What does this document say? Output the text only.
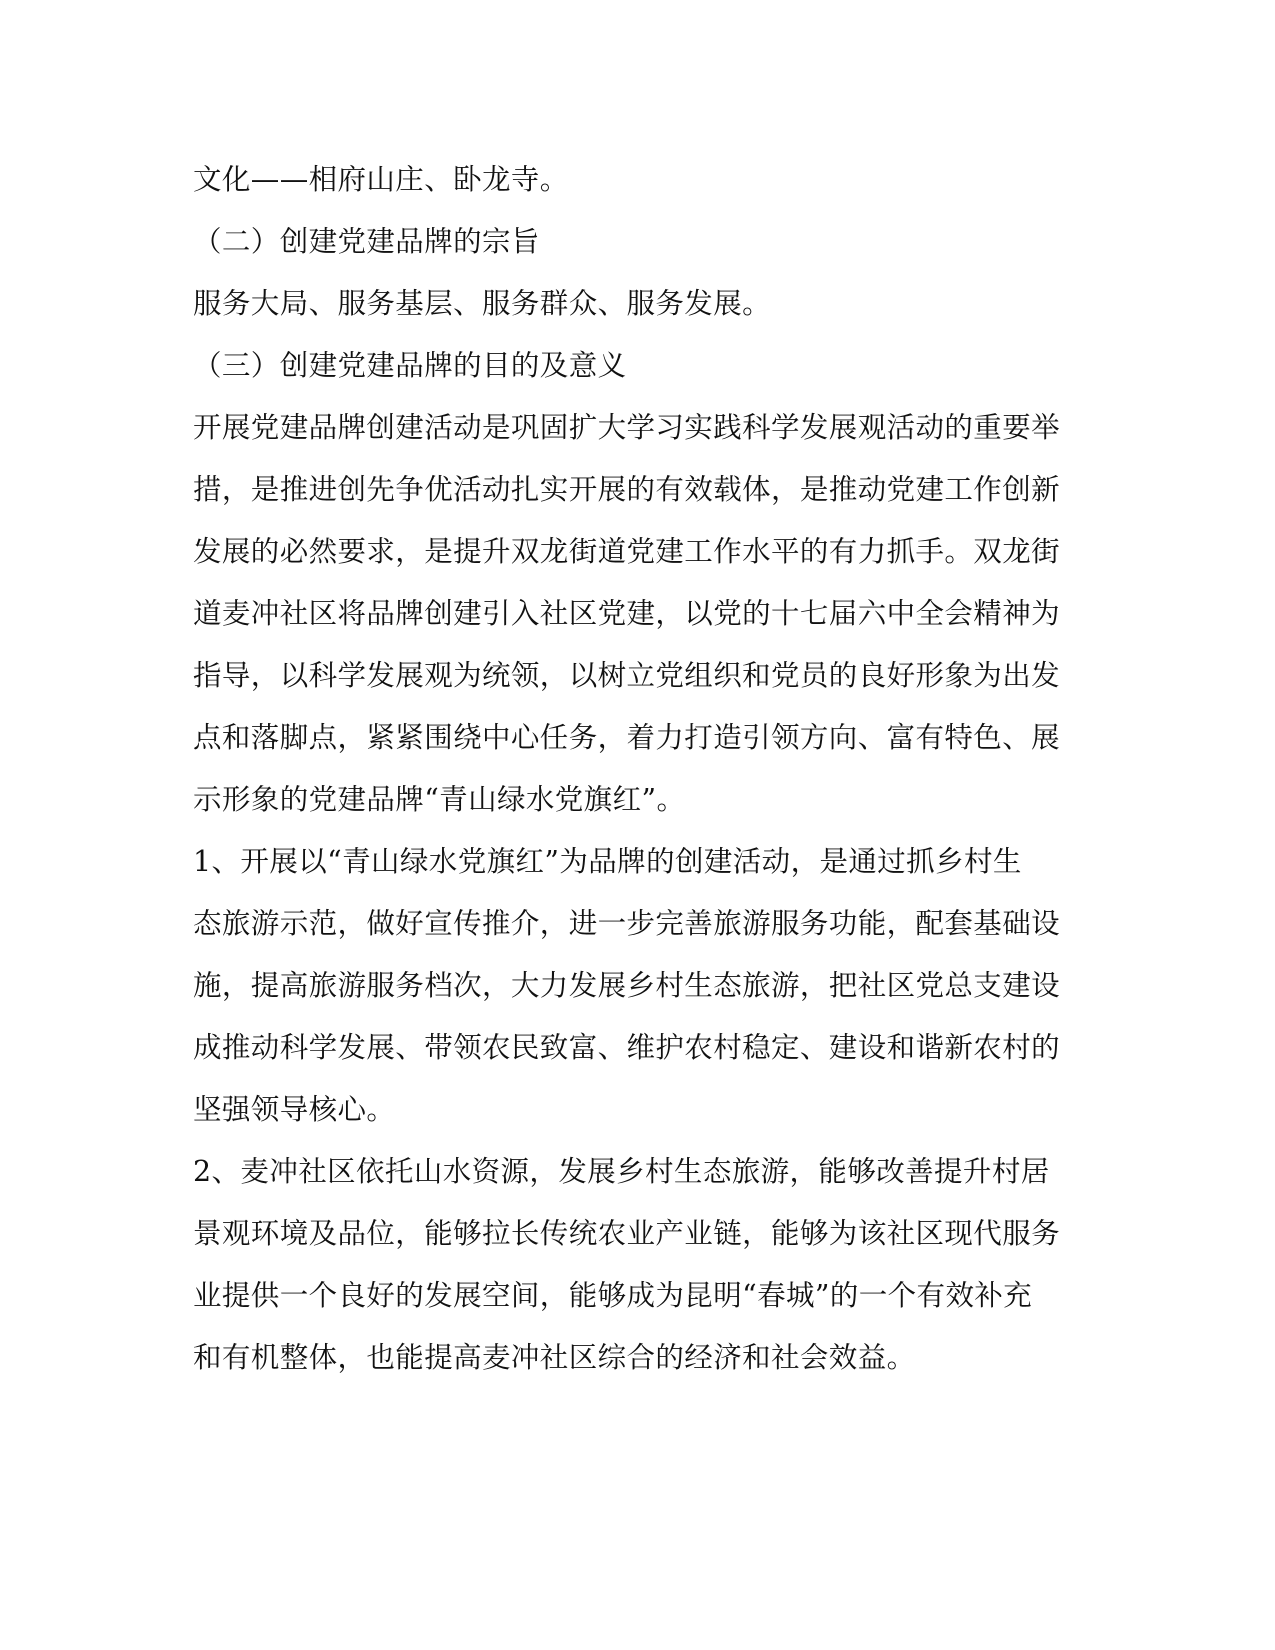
文化——相府山庄、卧龙寺。
（二）创建党建品牌的宗旨
服务大局、服务基层、服务群众、服务发展。
（三）创建党建品牌的目的及意义
开展党建品牌创建活动是巩固扩大学习实践科学发展观活动的重要举
措，是推进创先争优活动扎实开展的有效载体，是推动党建工作创新
发展的必然要求，是提升双龙街道党建工作水平的有力抓手。双龙街
道麦冲社区将品牌创建引入社区党建，以党的十七届六中全会精神为
指导，以科学发展观为统领，以树立党组织和党员的良好形象为出发
点和落脚点，紧紧围绕中心任务，着力打造引领方向、富有特色、展
示形象的党建品牌“青山绿水党旗红”。
1、开展以“青山绿水党旗红”为品牌的创建活动，是通过抓乡村生
态旅游示范，做好宣传推介，进一步完善旅游服务功能，配套基础设
施，提高旅游服务档次，大力发展乡村生态旅游，把社区党总支建设
成推动科学发展、带领农民致富、维护农村稳定、建设和谐新农村的
坚强领导核心。
2、麦冲社区依托山水资源，发展乡村生态旅游，能够改善提升村居
景观环境及品位，能够拉长传统农业产业链，能够为该社区现代服务
业提供一个良好的发展空间，能够成为昆明“春城”的一个有效补充
和有机整体，也能提高麦冲社区综合的经济和社会效益。
